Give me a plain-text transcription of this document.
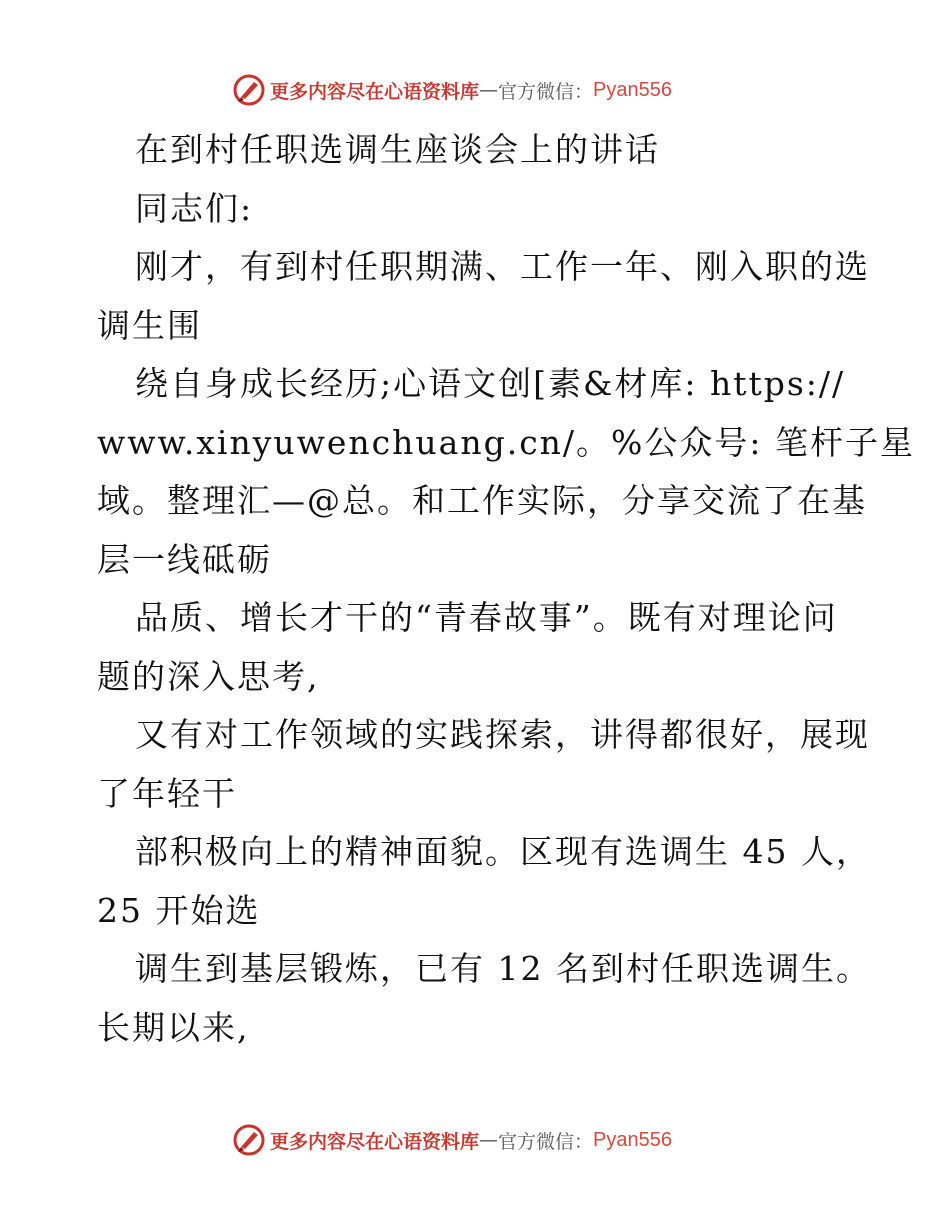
更多内容尽在心语资料库 — 官方微信： Pyan556
在到村任职选调生座谈会上的讲话
同志们:
刚才，有到村任职期满、工作一年、刚入职的选
调生围
绕自身成长经历;心语文创[素&材库: https://
www.xinyuwenchuang.cn/。%公众号: 笔杆子星
域。整理汇—@总。和工作实际，分享交流了在基
层一线砥砺
品质、增长才干的“青春故事”。既有对理论问
题的深入思考,
又有对工作领域的实践探索，讲得都很好，展现
了年轻干
部积极向上的精神面貌。区现有选调生 45 人，
25 开始选
调生到基层锻炼，已有 12 名到村任职选调生。
长期以来,
更多内容尽在心语资料库 — 官方微信： Pyan556
